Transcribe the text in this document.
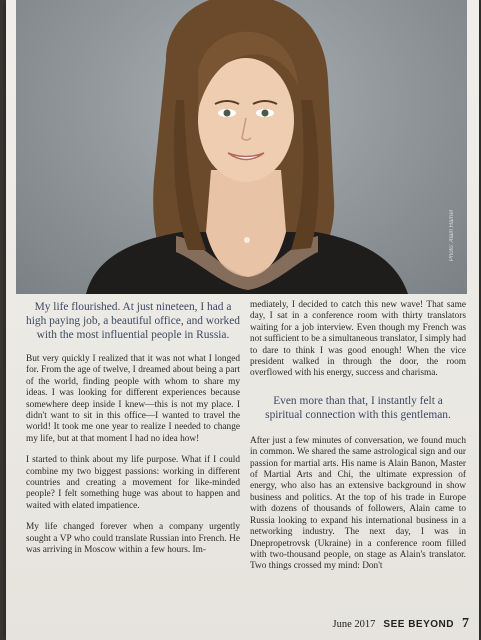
Photo: Alain Hamel

My life flourished. At just nineteen, I had a high paying job, a beautiful office, and worked with the most influential people in Russia.

But very quickly I realized that it was not what I longed for. From the age of twelve, I dreamed about being a part of the world, finding people with whom to share my ideas. I was looking for different experiences because somewhere deep inside I knew—this is not my place. I didn't want to sit in this office—I wanted to travel the world! It took me one year to realize I needed to change my life, but at that moment I had no idea how!

I started to think about my life purpose. What if I could combine my two biggest passions: working in different countries and creating a movement for like-minded people? I felt something huge was about to happen and waited with elated impatience.

My life changed forever when a company urgently sought a VP who could translate Russian into French. He was arriving in Moscow within a few hours. Im-

mediately, I decided to catch this new wave! That same day, I sat in a conference room with thirty translators waiting for a job interview. Even though my French was not sufficient to be a simultaneous translator, I simply had to dare to think I was good enough! When the vice president walked in through the door, the room overflowed with his energy, success and charisma.

Even more than that, I instantly felt a spiritual connection with this gentleman.

After just a few minutes of conversation, we found much in common. We shared the same astrological sign and our passion for martial arts. His name is Alain Banon, Master of Martial Arts and Chi, the ultimate expression of energy, who also has an extensive background in show business and politics. At the top of his trade in Europe with dozens of thousands of followers, Alain came to Russia looking to expand his international business in a networking industry. The next day, I was in Dnepropetrovsk (Ukraine) in a conference room filled with two-thousand people, on stage as Alain's translator. Two things crossed my mind: Don't

June 2017 SEE BEYOND 7
